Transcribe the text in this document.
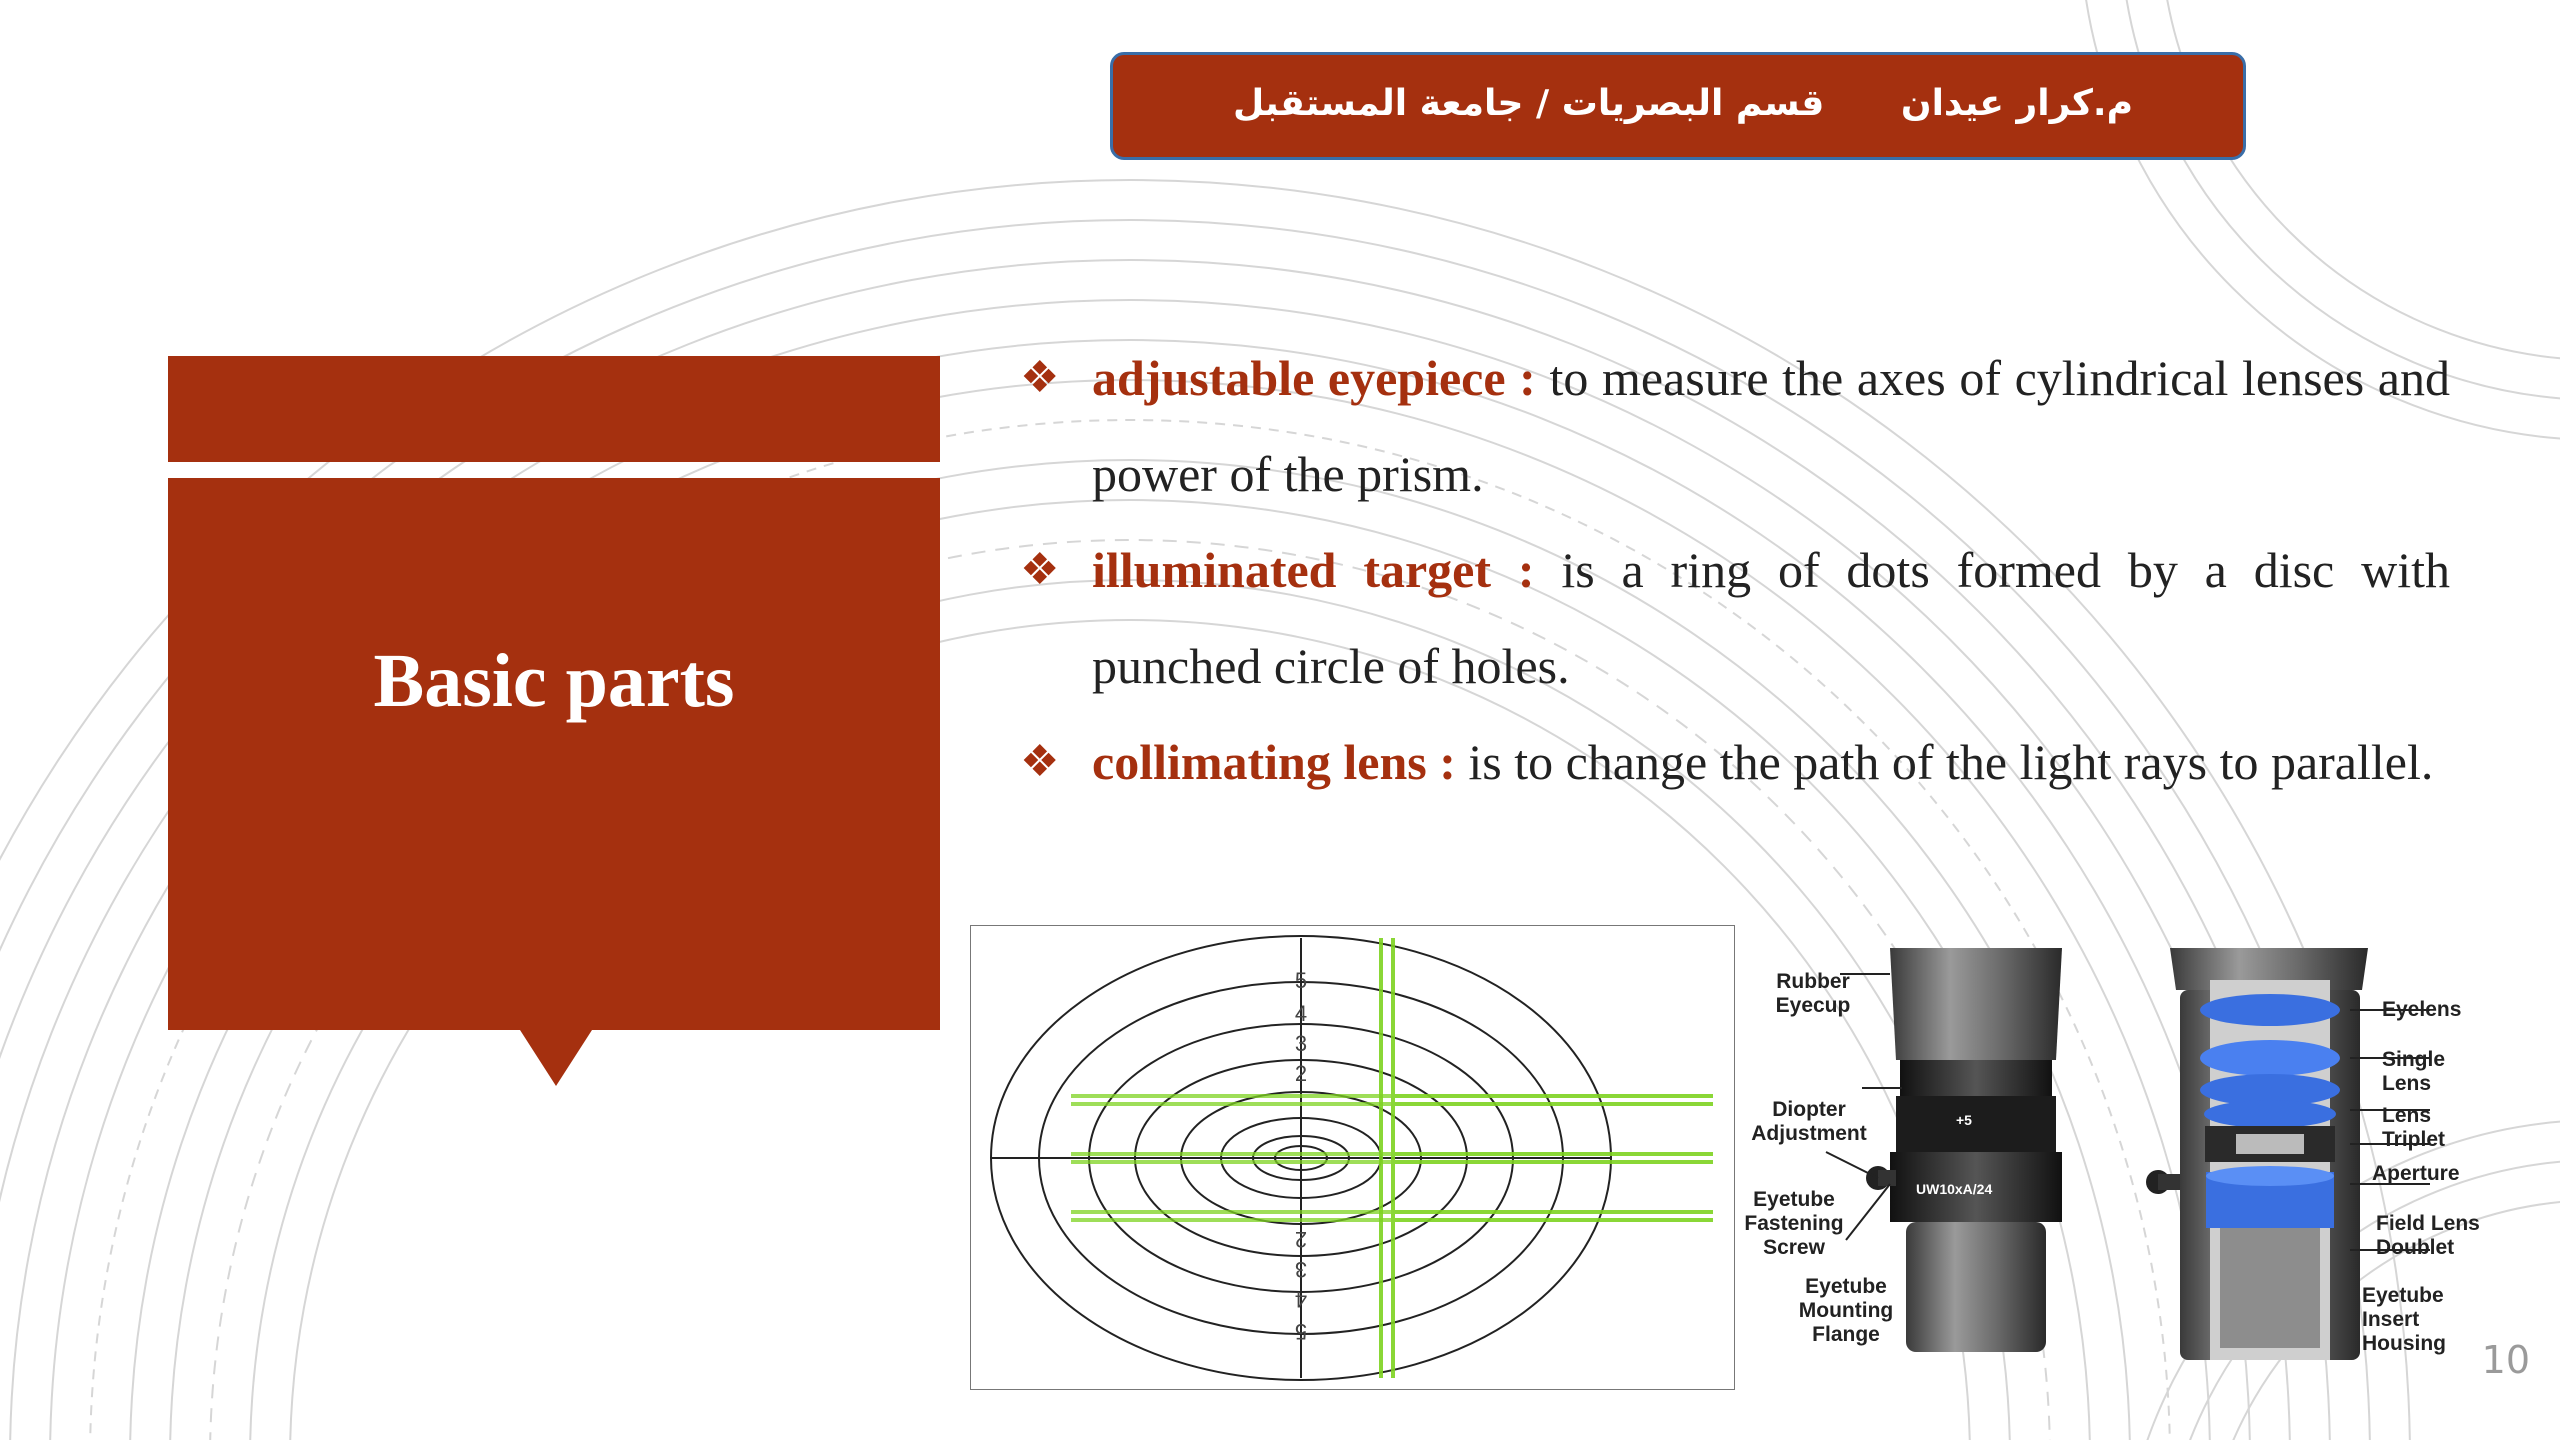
قسم البصريات / جامعة المستقبل م.كرار عيدان
Basic parts
❖ adjustable eyepiece : to measure the axes of cylindrical lenses and power of the prism.
❖ illuminated target : is a ring of dots formed by a disc with punched circle of holes.
❖ collimating lens : is to change the path of the light rays to parallel.
5
4
3
2
2
3
4
5
+5
UW10xA/24
Rubber Eyecup
Diopter Adjustment
Eyetube Fastening Screw
Eyetube Mounting Flange
Eyelens
Single Lens
Lens Triplet
Aperture
Field Lens Doublet
Eyetube Insert Housing 10
